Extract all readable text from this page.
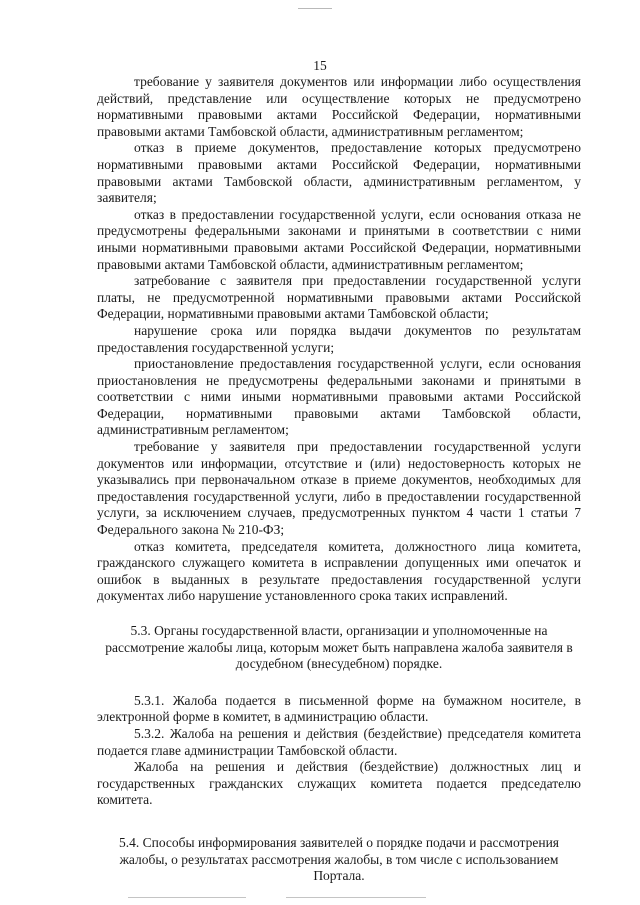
15

требование у заявителя документов или информации либо осуществления действий, представление или осуществление которых не предусмотрено нормативными правовыми актами Российской Федерации, нормативными правовыми актами Тамбовской области, административным регламентом;

отказ в приеме документов, предоставление которых предусмотрено нормативными правовыми актами Российской Федерации, нормативными правовыми актами Тамбовской области, административным регламентом, у заявителя;

отказ в предоставлении государственной услуги, если основания отказа не предусмотрены федеральными законами и принятыми в соответствии с ними иными нормативными правовыми актами Российской Федерации, нормативными правовыми актами Тамбовской области, административным регламентом;

затребование с заявителя при предоставлении государственной услуги платы, не предусмотренной нормативными правовыми актами Российской Федерации, нормативными правовыми актами Тамбовской области;

нарушение срока или порядка выдачи документов по результатам предоставления государственной услуги;

приостановление предоставления государственной услуги, если основания приостановления не предусмотрены федеральными законами и принятыми в соответствии с ними иными нормативными правовыми актами Российской Федерации, нормативными правовыми актами Тамбовской области, административным регламентом;

требование у заявителя при предоставлении государственной услуги документов или информации, отсутствие и (или) недостоверность которых не указывались при первоначальном отказе в приеме документов, необходимых для предоставления государственной услуги, либо в предоставлении государственной услуги, за исключением случаев, предусмотренных пунктом 4 части 1 статьи 7 Федерального закона № 210-ФЗ;

отказ комитета, председателя комитета, должностного лица комитета, гражданского служащего комитета в исправлении допущенных ими опечаток и ошибок в выданных в результате предоставления государственной услуги документах либо нарушение установленного срока таких исправлений.

5.3. Органы государственной власти, организации и уполномоченные на рассмотрение жалобы лица, которым может быть направлена жалоба заявителя в досудебном (внесудебном) порядке.

5.3.1. Жалоба подается в письменной форме на бумажном носителе, в электронной форме в комитет, в администрацию области.

5.3.2. Жалоба на решения и действия (бездействие) председателя комитета подается главе администрации Тамбовской области.

Жалоба на решения и действия (бездействие) должностных лиц и государственных гражданских служащих комитета подается председателю комитета.

5.4. Способы информирования заявителей о порядке подачи и рассмотрения жалобы, о результатах рассмотрения жалобы, в том числе с использованием Портала.
